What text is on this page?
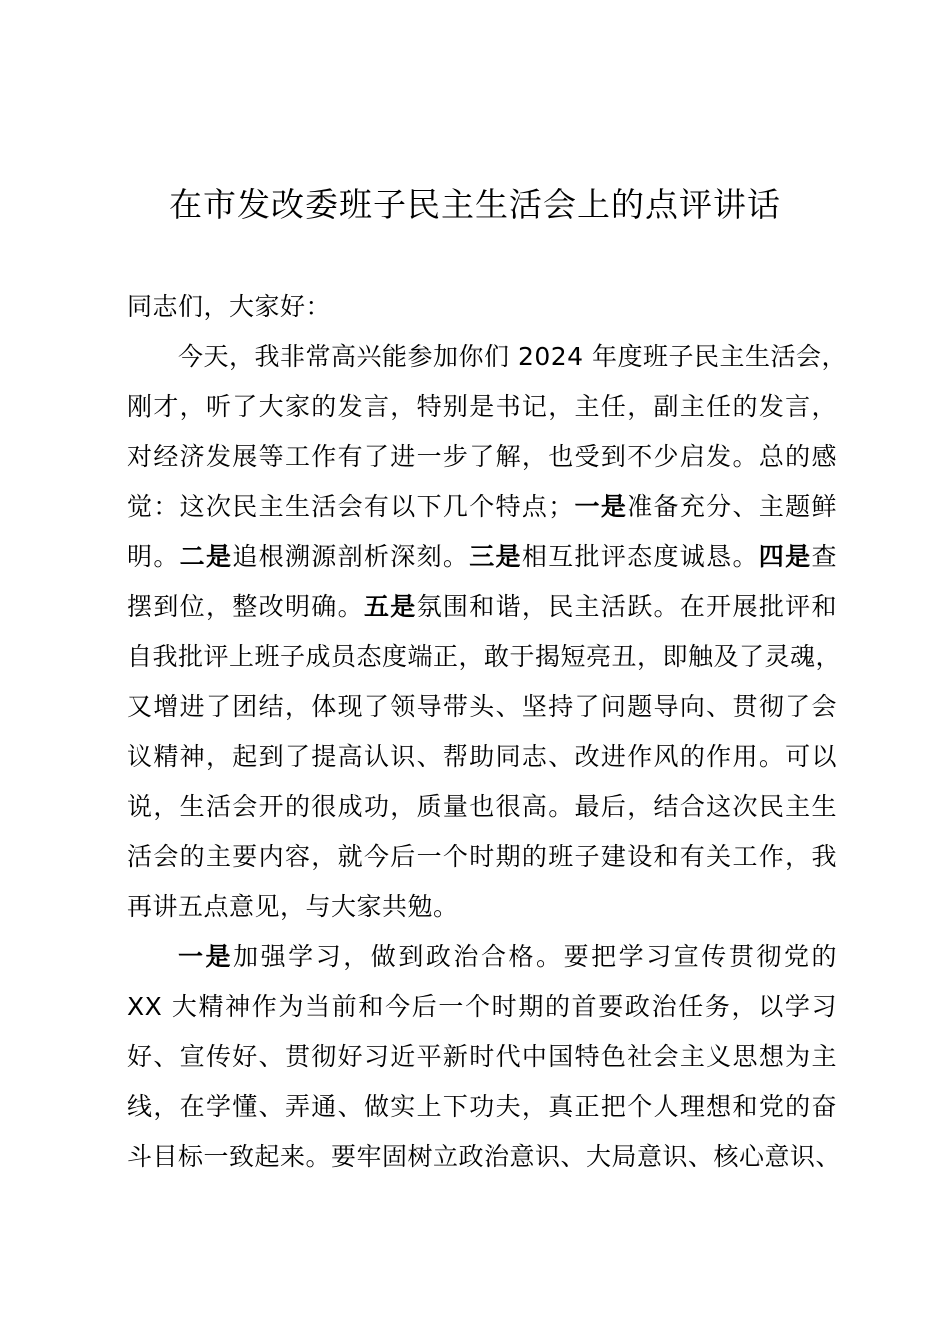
在市发改委班子民主生活会上的点评讲话
同志们，大家好：
今天，我非常高兴能参加你们 2024 年度班子民主生活会，
刚才，听了大家的发言，特别是书记，主任，副主任的发言，
对经济发展等工作有了进一步了解，也受到不少启发。总的感
觉：这次民主生活会有以下几个特点；一是准备充分、主题鲜
明。二是追根溯源剖析深刻。三是相互批评态度诚恳。四是查
摆到位，整改明确。五是氛围和谐，民主活跃。在开展批评和
自我批评上班子成员态度端正，敢于揭短亮丑，即触及了灵魂，
又增进了团结，体现了领导带头、坚持了问题导向、贯彻了会
议精神，起到了提高认识、帮助同志、改进作风的作用。可以
说，生活会开的很成功，质量也很高。最后，结合这次民主生
活会的主要内容，就今后一个时期的班子建设和有关工作，我
再讲五点意见，与大家共勉。
一是加强学习，做到政治合格。要把学习宣传贯彻党的
XX 大精神作为当前和今后一个时期的首要政治任务，以学习
好、宣传好、贯彻好习近平新时代中国特色社会主义思想为主
线，在学懂、弄通、做实上下功夫，真正把个人理想和党的奋
斗目标一致起来。要牢固树立政治意识、大局意识、核心意识、
